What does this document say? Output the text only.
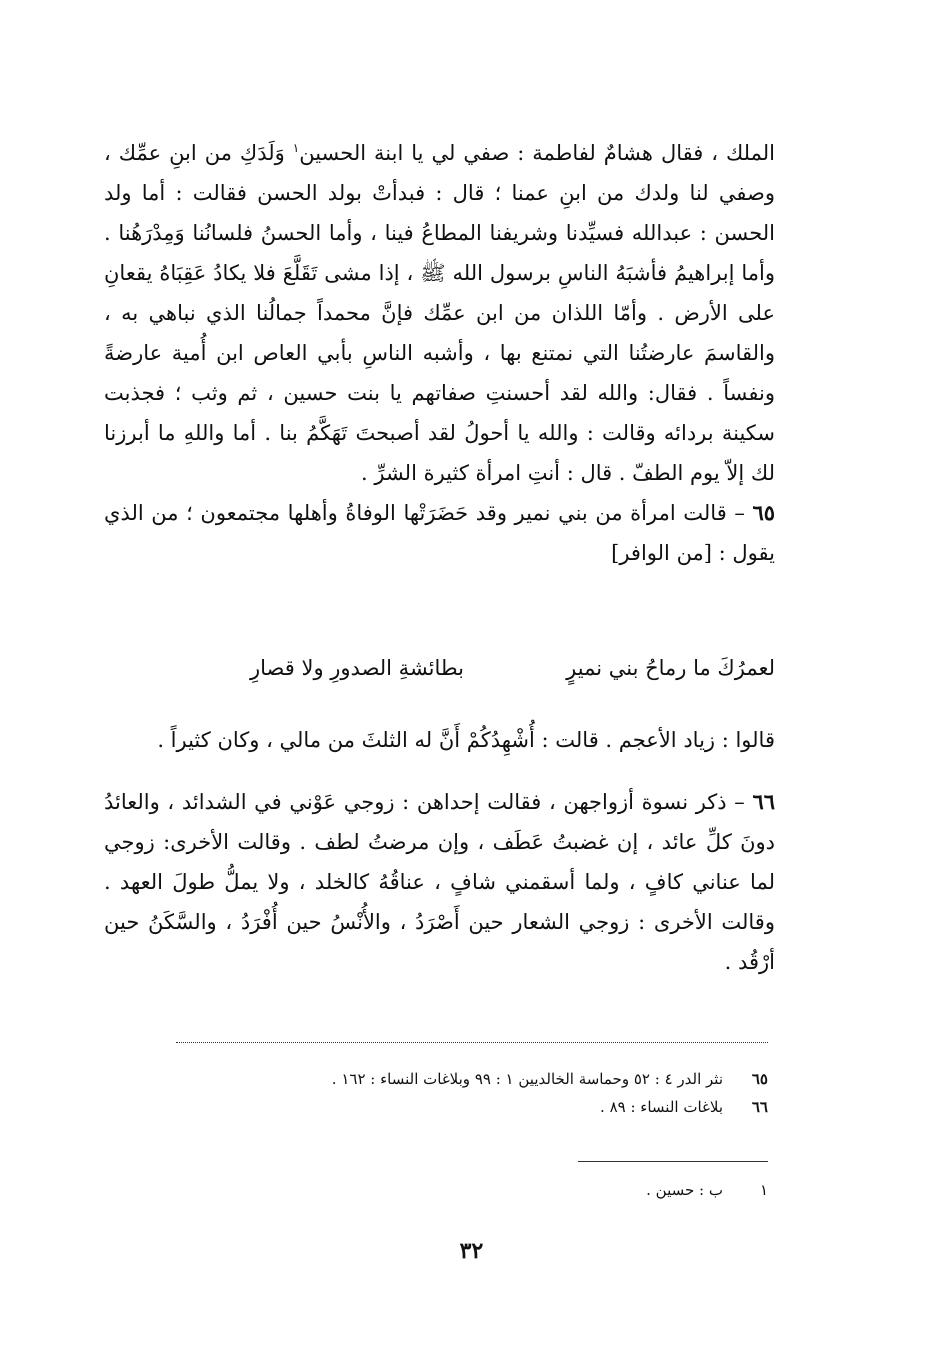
الملك ، فقال هشامٌ لفاطمة : صفي لي يا ابنة الحسين$^١$ وَلَدَكِ من ابنِ عمِّك ، وصفي لنا ولدك من ابنِ عمنا ؛ قال : فبدأتْ بولد الحسن فقالت : أما ولد الحسن : عبدالله فسيِّدنا وشريفنا المطاعُ فينا ، وأما الحسنُ فلسانُنا وَمِدْرَهُنا . وأما إبراهيمُ فأشبَهُ الناسِ برسول الله ﷺ ، إذا مشى تَقَلَّعَ فلا يكادُ عَقِبَاهُ يقعانِ على الأرض . وأمّا اللذان من ابن عمِّك فإنَّ محمداً جمالُنا الذي نباهي به ، والقاسمَ عارضتُنا التي نمتنع بها ، وأشبه الناسِ بأبي العاص ابن أُمية عارضةً ونفساً . فقال: والله لقد أحسنتِ صفاتهم يا بنت حسين ، ثم وثب ؛ فجذبت سكينة بردائه وقالت : والله يا أحولُ لقد أصبحتَ تَهَكَّمُ بنا . أما واللهِ ما أبرزنا لك إلاّ يوم الطفّ . قال : أنتِ امرأة كثيرة الشرِّ .

٦٥ – قالت امرأة من بني نمير وقد حَضَرَتْها الوفاةُ وأهلها مجتمعون ؛ من الذي يقول : [من الوافر]

لعمرُكَ ما رماحُ بني نميرٍ
بطائشةِ الصدورِ ولا قصارِ
قالوا : زياد الأعجم . قالت : أُشْهِدُكُمْ أَنَّ له الثلثَ من مالي ، وكان كثيراً .
٦٦ – ذكر نسوة أزواجهن ، فقالت إحداهن : زوجي عَوْني في الشدائد ، والعائدُ دونَ كلِّ عائد ، إن غضبتُ عَطَف ، وإن مرضتُ لطف . وقالت الأخرى: زوجي لما عناني كافٍ ، ولما أسقمني شافٍ ، عناقُهُ كالخلد ، ولا يملُّ طولَ العهد . وقالت الأخرى : زوجي الشعار حين أَصْرَدُ ، والأُنْسُ حين أُفْرَدُ ، والسَّكَنُ حين أرْقُد .
٦٥نثر الدر ٤ : ٥٢ وحماسة الخالديين ١ : ٩٩ وبلاغات النساء : ١٦٢ .
٦٦بلاغات النساء : ٨٩ .
١ب : حسين .
٣٢
